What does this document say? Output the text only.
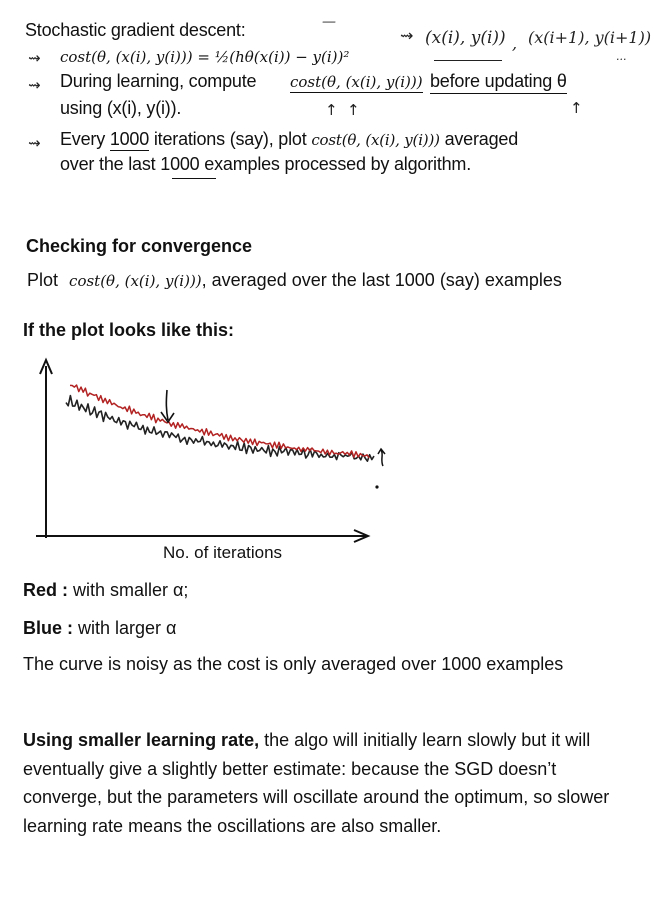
Stochastic gradient descent:	—
⇝ (x(i), y(i)) , (x(i+1), y(i+1))
...
⇝ cost(θ, (x(i), y(i))) = ½(hθ(x(i)) − y(i))²
⇝ During learning, compute cost(θ, (x(i), y(i))) before updating θ
using (x(i), y(i)).	↑ ↑	↑
⇝ Every 1000 iterations (say), plot cost(θ, (x(i), y(i))) averaged
over the last 1000 examples processed by algorithm.
Checking for convergence
Plot cost(θ, (x(i), y(i))), averaged over the last 1000 (say) examples
If the plot looks like this:
No. of iterations
Red : with smaller α;
Blue : with larger α
The curve is noisy as the cost is only averaged over 1000 examples
Using smaller learning rate, the algo will initially learn slowly but it will eventually give a slightly better estimate: because the SGD doesn’t converge, but the parameters will oscillate around the optimum, so slower learning rate means the oscillations are also smaller.
